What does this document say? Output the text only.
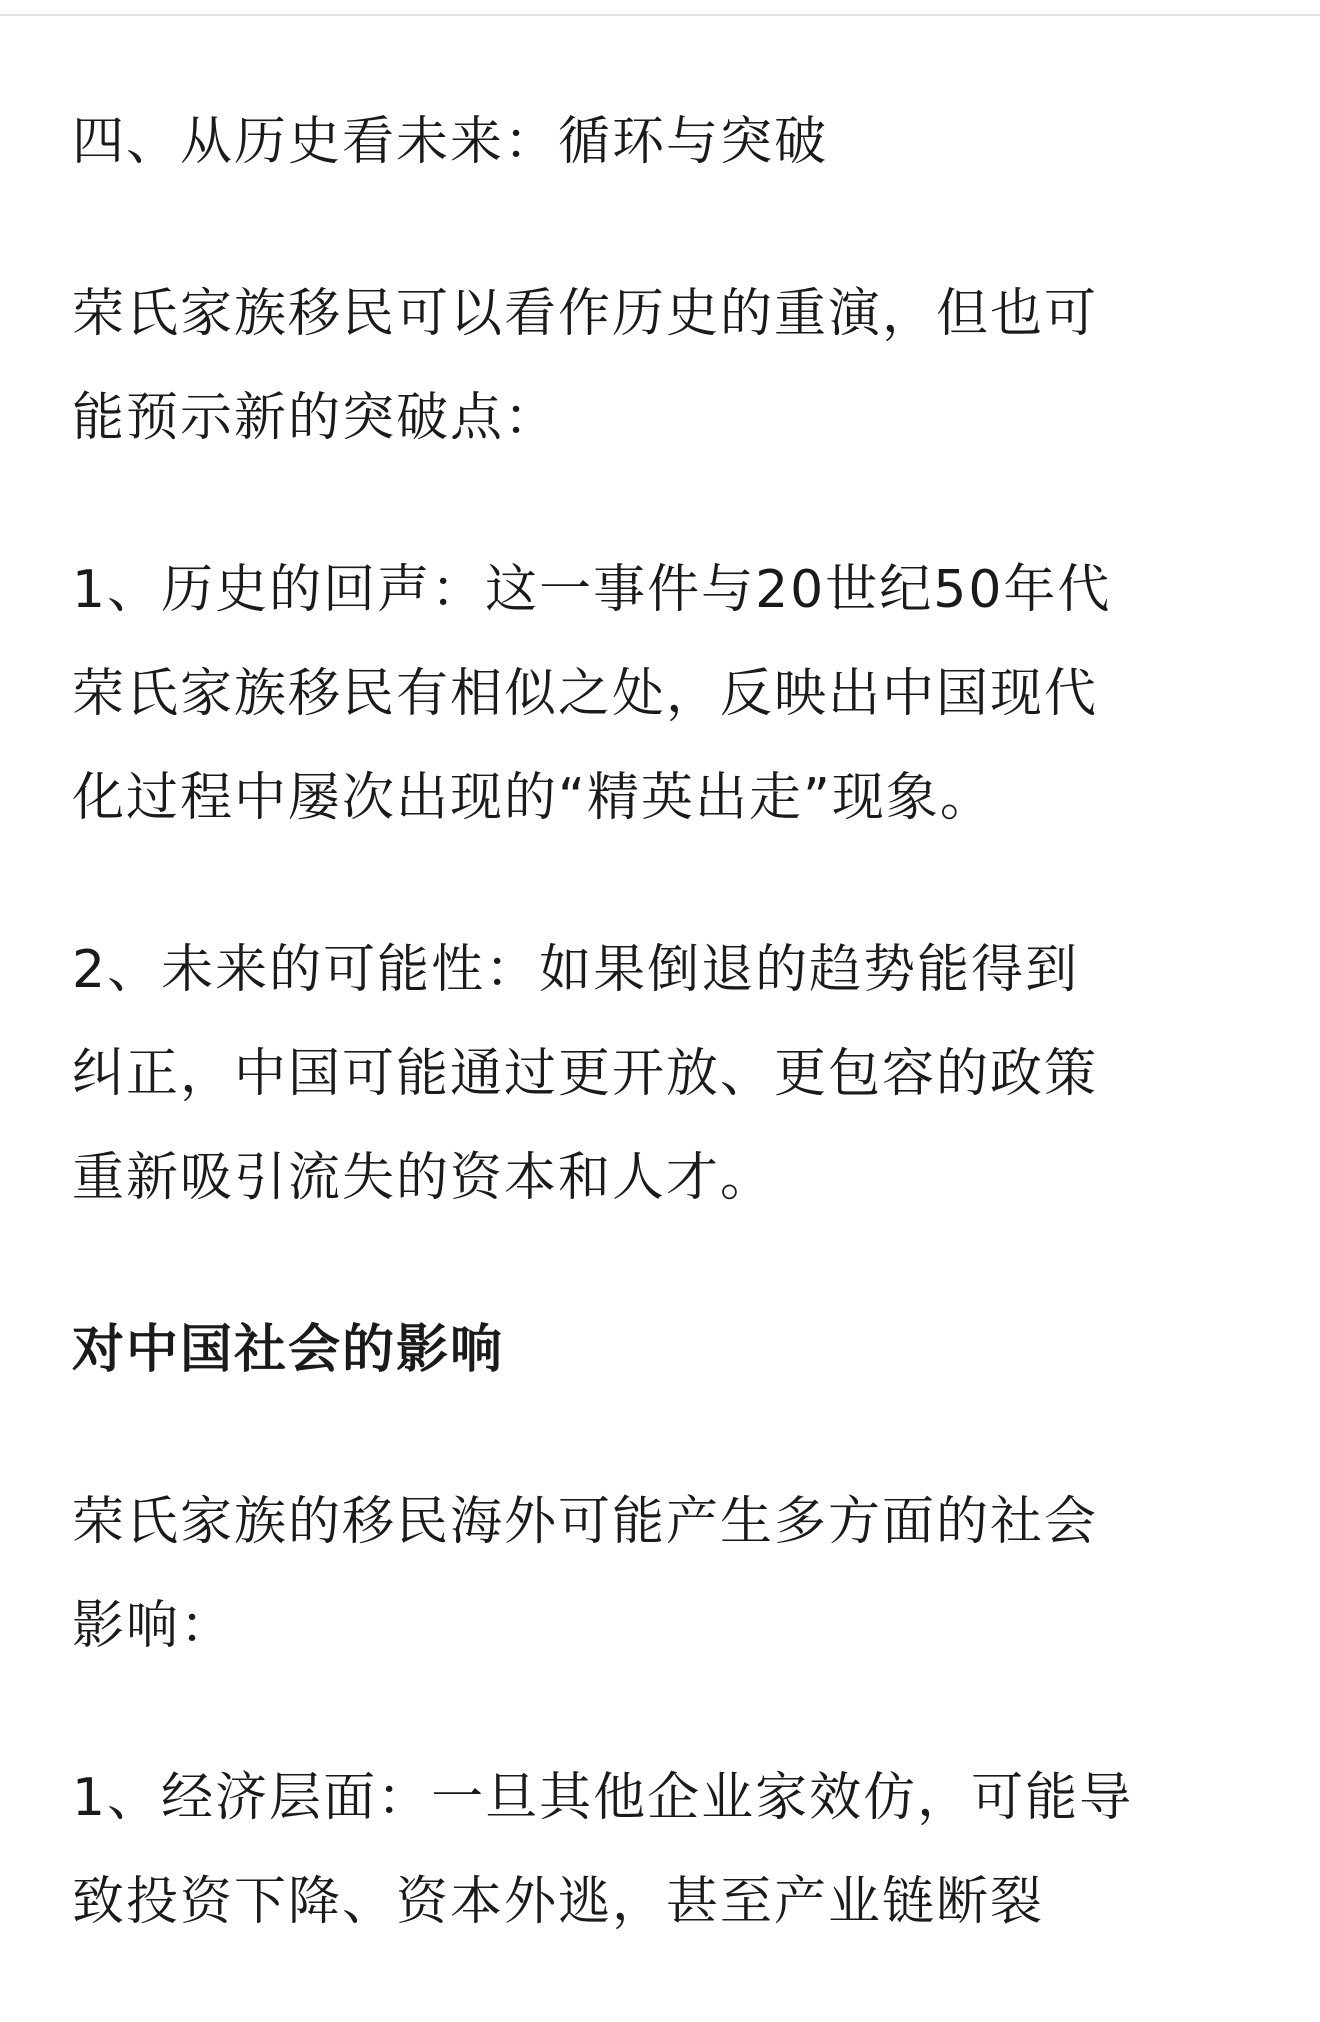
四、从历史看未来：循环与突破

荣氏家族移民可以看作历史的重演，但也可
能预示新的突破点：

1、历史的回声：这一事件与20世纪50年代
荣氏家族移民有相似之处，反映出中国现代
化过程中屡次出现的“精英出走”现象。

2、未来的可能性：如果倒退的趋势能得到
纠正，中国可能通过更开放、更包容的政策
重新吸引流失的资本和人才。

对中国社会的影响

荣氏家族的移民海外可能产生多方面的社会
影响：

1、经济层面：一旦其他企业家效仿，可能导
致投资下降、资本外逃，甚至产业链断裂
